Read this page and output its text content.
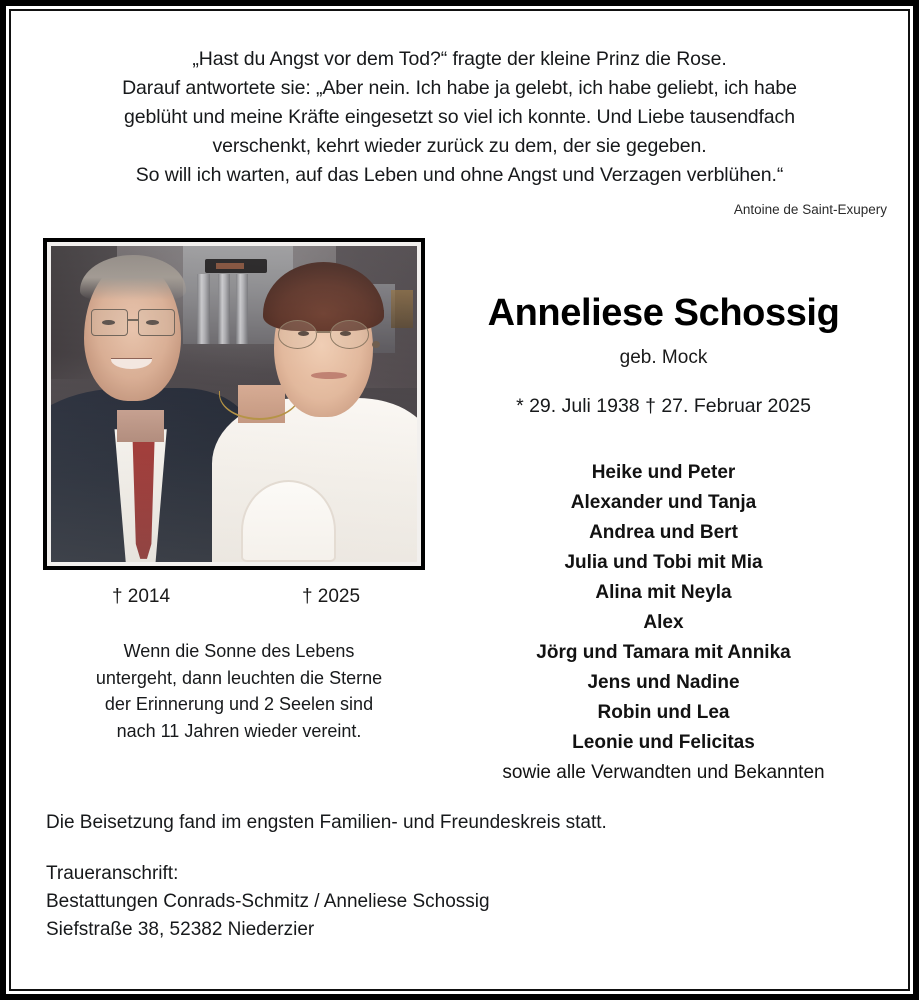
„Hast du Angst vor dem Tod?“ fragte der kleine Prinz die Rose.
Darauf antwortete sie: „Aber nein. Ich habe ja gelebt, ich habe geliebt, ich habe
geblüht und meine Kräfte eingesetzt so viel ich konnte. Und Liebe tausendfach
verschenkt, kehrt wieder zurück zu dem, der sie gegeben.
So will ich warten, auf das Leben und ohne Angst und Verzagen verblühen.“
Antoine de Saint-Exupery
† 2014	† 2025
Wenn die Sonne des Lebens
untergeht, dann leuchten die Sterne
der Erinnerung und 2 Seelen sind
nach 11 Jahren wieder vereint.
Anneliese Schossig
geb. Mock
* 29. Juli 1938 † 27. Februar 2025
Heike und Peter
Alexander und Tanja
Andrea und Bert
Julia und Tobi mit Mia
Alina mit Neyla
Alex
Jörg und Tamara mit Annika
Jens und Nadine
Robin und Lea
Leonie und Felicitas
sowie alle Verwandten und Bekannten
Die Beisetzung fand im engsten Familien- und Freundeskreis statt.
Traueranschrift:
Bestattungen Conrads-Schmitz / Anneliese Schossig
Siefstraße 38, 52382 Niederzier
